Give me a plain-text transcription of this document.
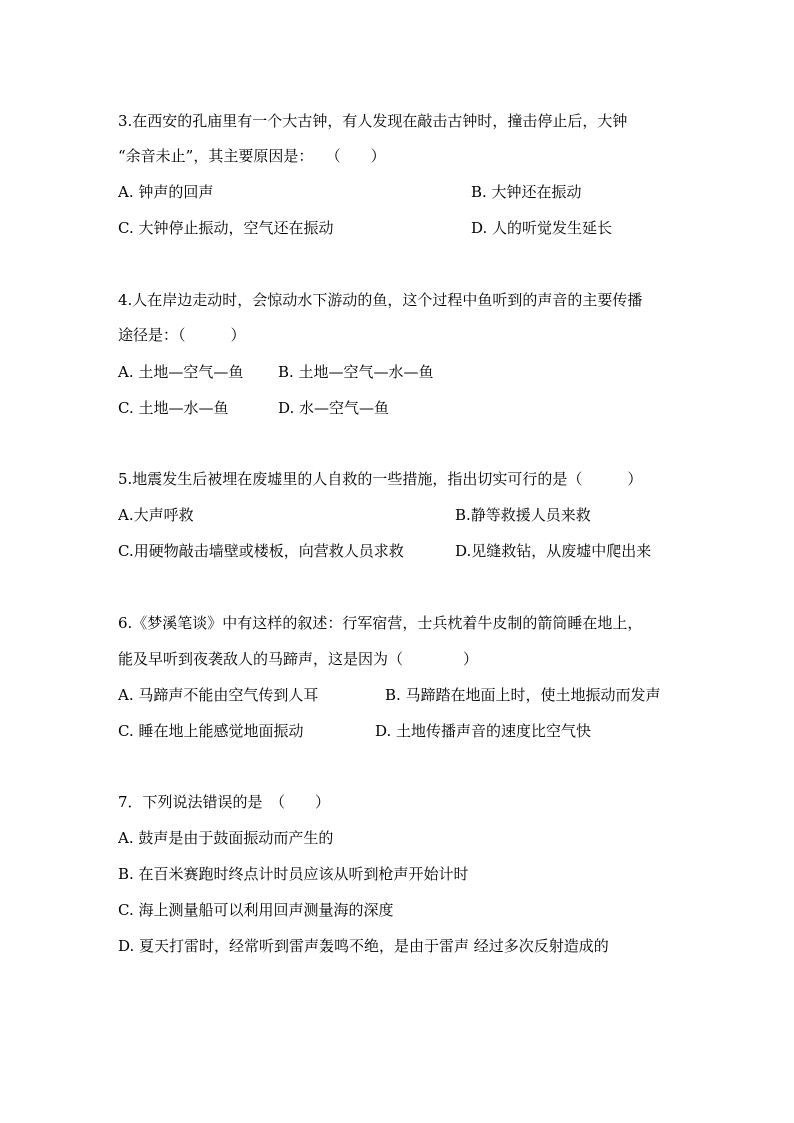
3.在西安的孔庙里有一个大古钟，有人发现在敲击古钟时，撞击停止后，大钟
“余音未止”，其主要原因是：　 （　　）
A. 钟声的回声	B. 大钟还在振动
C. 大钟停止振动，空气还在振动	D. 人的听觉发生延长
4.人在岸边走动时，会惊动水下游动的鱼，这个过程中鱼听到的声音的主要传播
途径是：（　　　）
A. 土地—空气—鱼 B. 土地—空气—水—鱼
C. 土地—水—鱼	D. 水—空气—鱼
5.地震发生后被埋在废墟里的人自救的一些措施，指出切实可行的是（　　　）
A.大声呼救	B.静等救援人员来救
C.用硬物敲击墙壁或楼板，向营救人员求救	D.见缝救钻，从废墟中爬出来
6.《梦溪笔谈》中有这样的叙述：行军宿营，士兵枕着牛皮制的箭筒睡在地上，
能及早听到夜袭敌人的马蹄声，这是因为（　　　　）
A. 马蹄声不能由空气传到人耳	B. 马蹄踏在地面上时，使土地振动而发声
C. 睡在地上能感觉地面振动	D. 土地传播声音的速度比空气快
7．下列说法错误的是　（　　）
A. 鼓声是由于鼓面振动而产生的
B. 在百米赛跑时终点计时员应该从听到枪声开始计时
C. 海上测量船可以利用回声测量海的深度
D. 夏天打雷时，经常听到雷声轰鸣不绝，是由于雷声 经过多次反射造成的
